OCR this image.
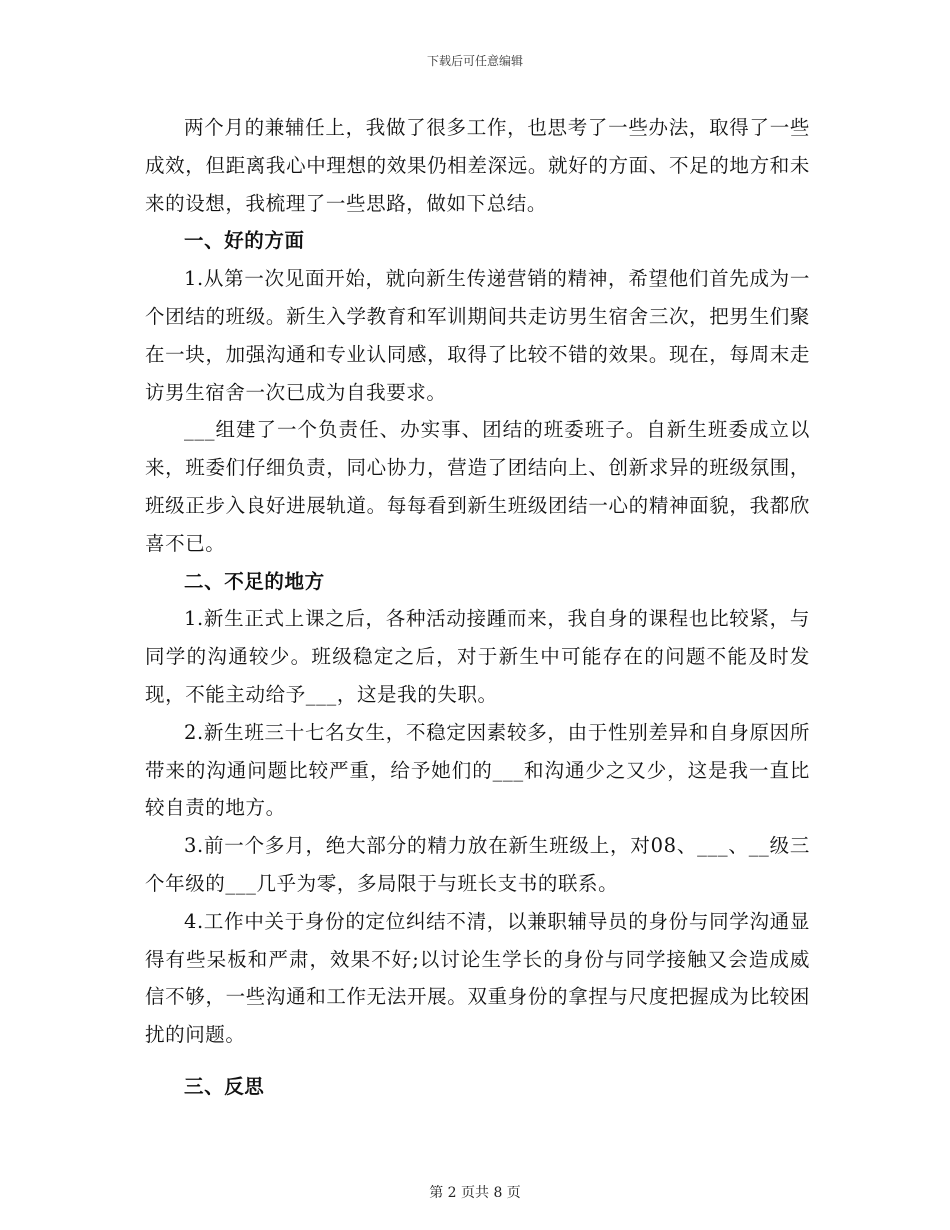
下载后可任意编辑

两个月的兼辅任上，我做了很多工作，也思考了一些办法，取得了一些成效，但距离我心中理想的效果仍相差深远。就好的方面、不足的地方和未来的设想，我梳理了一些思路，做如下总结。

一、好的方面

1.从第一次见面开始，就向新生传递营销的精神，希望他们首先成为一个团结的班级。新生入学教育和军训期间共走访男生宿舍三次，把男生们聚在一块，加强沟通和专业认同感，取得了比较不错的效果。现在，每周末走访男生宿舍一次已成为自我要求。

___组建了一个负责任、办实事、团结的班委班子。自新生班委成立以来，班委们仔细负责，同心协力，营造了团结向上、创新求异的班级氛围，班级正步入良好进展轨道。每每看到新生班级团结一心的精神面貌，我都欣喜不已。

二、不足的地方

1.新生正式上课之后，各种活动接踵而来，我自身的课程也比较紧，与同学的沟通较少。班级稳定之后，对于新生中可能存在的问题不能及时发现，不能主动给予___，这是我的失职。

2.新生班三十七名女生，不稳定因素较多，由于性别差异和自身原因所带来的沟通问题比较严重，给予她们的___和沟通少之又少，这是我一直比较自责的地方。

3.前一个多月，绝大部分的精力放在新生班级上，对08、___、__级三个年级的___几乎为零，多局限于与班长支书的联系。

4.工作中关于身份的定位纠结不清，以兼职辅导员的身份与同学沟通显得有些呆板和严肃，效果不好;以讨论生学长的身份与同学接触又会造成威信不够，一些沟通和工作无法开展。双重身份的拿捏与尺度把握成为比较困扰的问题。

三、反思

第 2 页共 8 页
